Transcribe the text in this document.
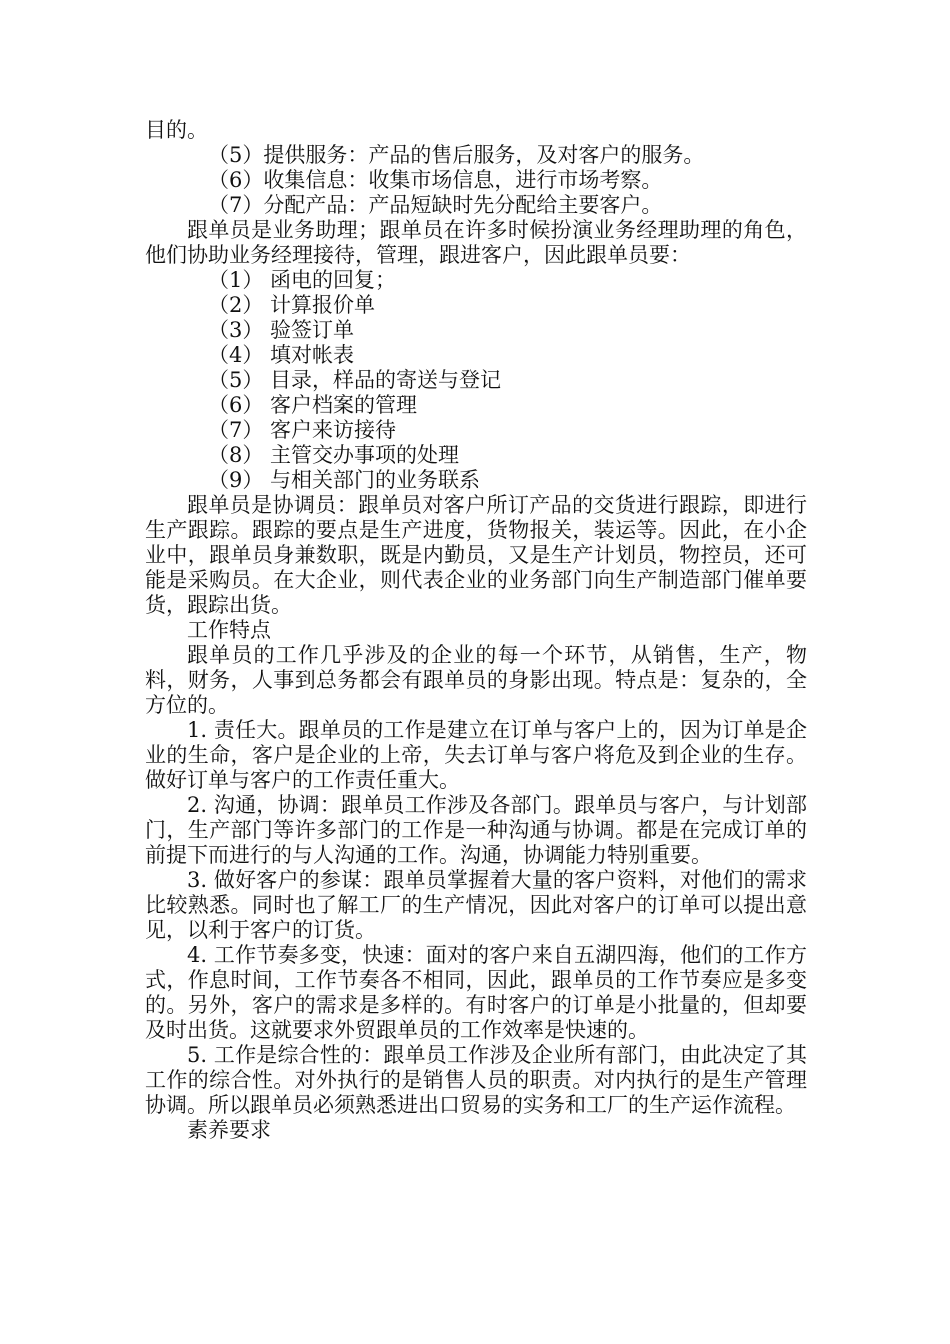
目的。

（5）提供服务：产品的售后服务，及对客户的服务。

（6）收集信息：收集市场信息，进行市场考察。

（7）分配产品：产品短缺时先分配给主要客户。

跟单员是业务助理；跟单员在许多时候扮演业务经理助理的角色，他们协助业务经理接待，管理，跟进客户，因此跟单员要：

（1） 函电的回复；

（2） 计算报价单

（3） 验签订单

（4） 填对帐表

（5） 目录，样品的寄送与登记

（6） 客户档案的管理

（7） 客户来访接待

（8） 主管交办事项的处理

（9） 与相关部门的业务联系

跟单员是协调员：跟单员对客户所订产品的交货进行跟踪，即进行生产跟踪。跟踪的要点是生产进度，货物报关，装运等。因此，在小企业中，跟单员身兼数职，既是内勤员，又是生产计划员，物控员，还可能是采购员。在大企业，则代表企业的业务部门向生产制造部门催单要货，跟踪出货。

工作特点

跟单员的工作几乎涉及的企业的每一个环节，从销售，生产，物料，财务，人事到总务都会有跟单员的身影出现。特点是：复杂的，全方位的。

1. 责任大。跟单员的工作是建立在订单与客户上的，因为订单是企业的生命，客户是企业的上帝，失去订单与客户将危及到企业的生存。做好订单与客户的工作责任重大。

2. 沟通，协调：跟单员工作涉及各部门。跟单员与客户，与计划部门，生产部门等许多部门的工作是一种沟通与协调。都是在完成订单的前提下而进行的与人沟通的工作。沟通，协调能力特别重要。

3. 做好客户的参谋：跟单员掌握着大量的客户资料，对他们的需求比较熟悉。同时也了解工厂的生产情况，因此对客户的订单可以提出意见，以利于客户的订货。

4. 工作节奏多变，快速：面对的客户来自五湖四海，他们的工作方式，作息时间，工作节奏各不相同，因此，跟单员的工作节奏应是多变的。另外，客户的需求是多样的。有时客户的订单是小批量的，但却要及时出货。这就要求外贸跟单员的工作效率是快速的。

5. 工作是综合性的：跟单员工作涉及企业所有部门，由此决定了其工作的综合性。对外执行的是销售人员的职责。对内执行的是生产管理协调。所以跟单员必须熟悉进出口贸易的实务和工厂的生产运作流程。

素养要求
